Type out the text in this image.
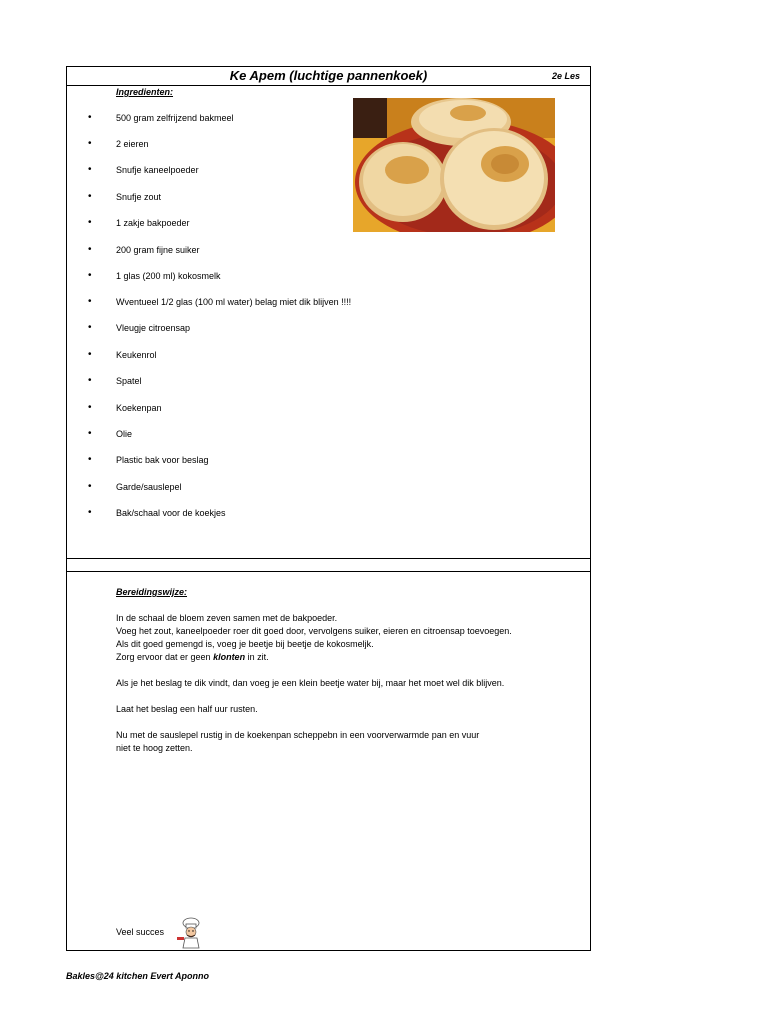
Ke Apem (luchtige pannenkoek)	2e Les
Ingredienten:
•	500 gram zelfrijzend bakmeel
•	2 eieren
•	Snufje kaneelpoeder
•	Snufje zout
•	1 zakje bakpoeder
•	200 gram fijne suiker
•	1 glas (200 ml) kokosmelk
•	Wventueel 1/2 glas (100 ml water) belag miet dik blijven !!!!
•	Vleugje citroensap
•	Keukenrol
•	Spatel
•	Koekenpan
•	Olie
•	Plastic bak voor beslag
•	Garde/sauslepel
•	Bak/schaal voor de koekjes
Bereidingswijze:

In de schaal de bloem zeven samen met de bakpoeder.
Voeg het zout, kaneelpoeder roer dit goed door, vervolgens suiker, eieren en citroensap toevoegen.
Als dit goed gemengd is, voeg je beetje bij beetje de kokosmeljk.
Zorg ervoor dat er geen klonten in zit.

Als je het beslag te dik vindt, dan voeg je een klein beetje water bij, maar het moet wel dik blijven.

Laat het beslag een half uur rusten.

Nu met de sauslepel rustig in de koekenpan scheppebn in een voorverwarmde pan en vuur
niet te hoog zetten.

Veel succes
Bakles@24 kitchen Evert Aponno
